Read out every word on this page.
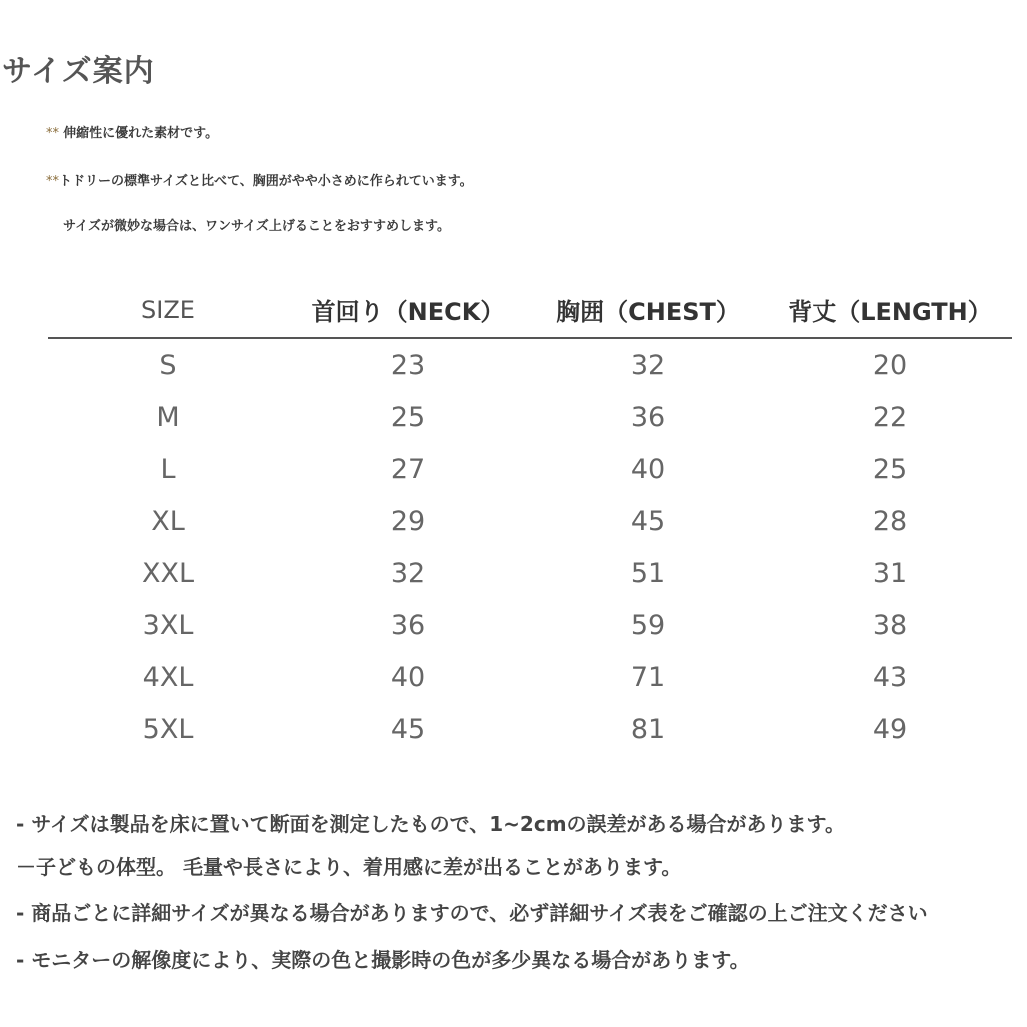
サイズ案内
** 伸縮性に優れた素材です。
**トドリーの標準サイズと比べて、胸囲がやや小さめに作られています。
サイズが微妙な場合は、ワンサイズ上げることをおすすめします。
SIZE	首回り（NECK）	胸囲（CHEST）	背丈（LENGTH）
S	23	32	20
M	25	36	22
L	27	40	25
XL	29	45	28
XXL	32	51	31
3XL	36	59	38
4XL	40	71	43
5XL	45	81	49
- サイズは製品を床に置いて断面を測定したもので、1~2cmの誤差がある場合があります。
－子どもの体型。 毛量や長さにより、着用感に差が出ることがあります。
- 商品ごとに詳細サイズが異なる場合がありますので、必ず詳細サイズ表をご確認の上ご注文ください
- モニターの解像度により、実際の色と撮影時の色が多少異なる場合があります。
